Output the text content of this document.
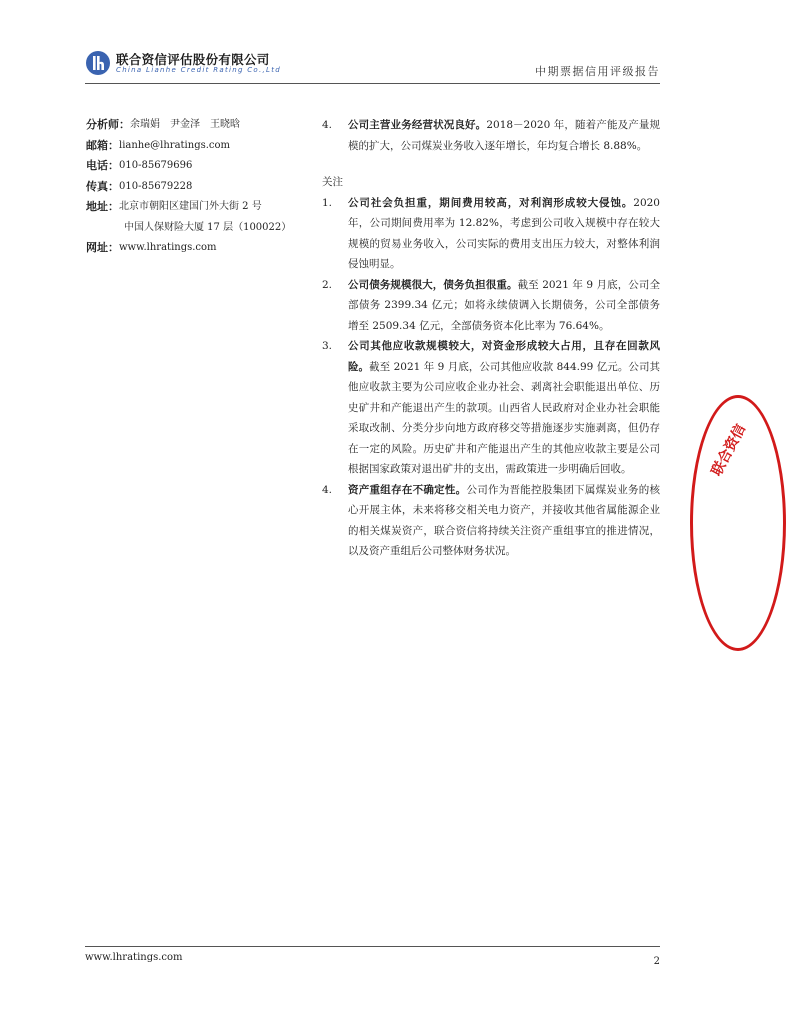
联合资信评估股份有限公司
China Lianhe Credit Rating Co.,Ltd	中期票据信用评级报告
分析师： 余瑞娟　尹金泽　王晓晗
邮箱： lianhe@lhratings.com
电话： 010-85679696
传真： 010-85679228
地址： 北京市朝阳区建国门外大街 2 号
中国人保财险大厦 17 层（100022）
网址： www.lhratings.com
4.	公司主营业务经营状况良好。2018－2020 年，随着产能及产量规模的扩大，公司煤炭业务收入逐年增长，年均复合增长 8.88%。
关注
1.	公司社会负担重，期间费用较高，对利润形成较大侵蚀。2020 年，公司期间费用率为 12.82%，考虑到公司收入规模中存在较大规模的贸易业务收入，公司实际的费用支出压力较大，对整体利润侵蚀明显。
2.	公司债务规模很大，债务负担很重。截至 2021 年 9 月底，公司全部债务 2399.34 亿元；如将永续债调入长期债务，公司全部债务增至 2509.34 亿元，全部债务资本化比率为 76.64%。
3.	公司其他应收款规模较大，对资金形成较大占用，且存在回款风险。截至 2021 年 9 月底，公司其他应收款 844.99 亿元。公司其他应收款主要为公司应收企业办社会、剥离社会职能退出单位、历史矿井和产能退出产生的款项。山西省人民政府对企业办社会职能采取改制、分类分步向地方政府移交等措施逐步实施剥离，但仍存在一定的风险。历史矿井和产能退出产生的其他应收款主要是公司根据国家政策对退出矿井的支出，需政策进一步明确后回收。
4.	资产重组存在不确定性。公司作为晋能控股集团下属煤炭业务的核心开展主体，未来将移交相关电力资产，并接收其他省属能源企业的相关煤炭资产，联合资信将持续关注资产重组事宜的推进情况，以及资产重组后公司整体财务状况。
联合资信
www.lhratings.com	2
